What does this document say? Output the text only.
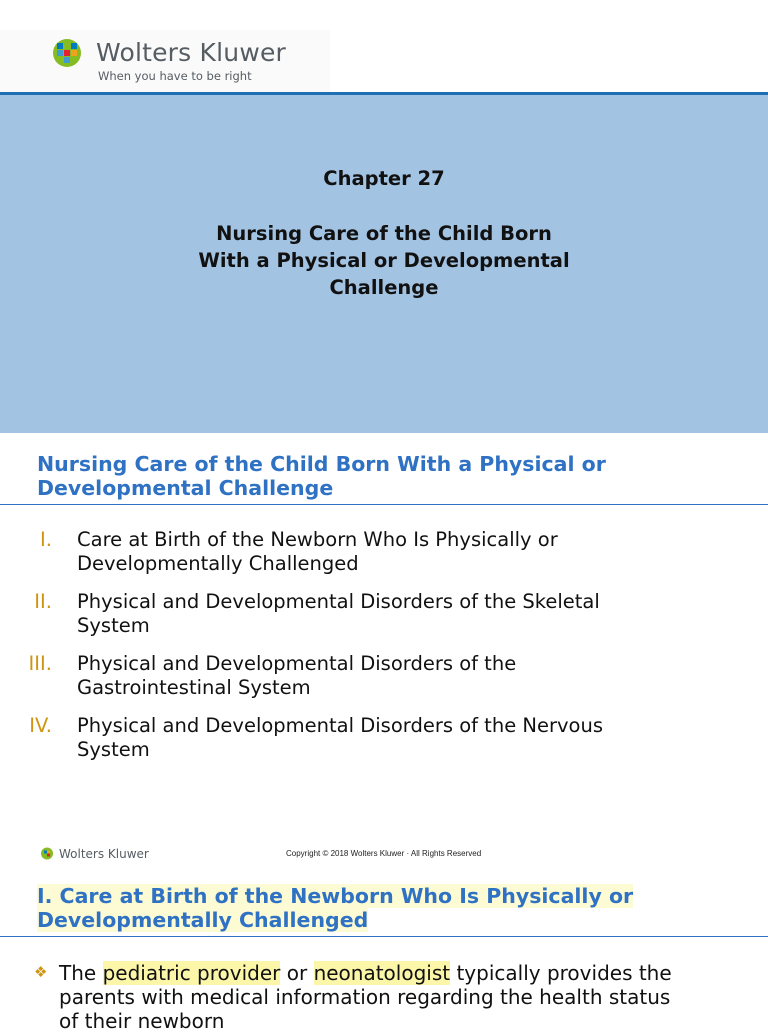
Wolters Kluwer
When you have to be right
Chapter 27
Nursing Care of the Child Born
With a Physical or Developmental
Challenge
Nursing Care of the Child Born With a Physical or
Developmental Challenge
I. Care at Birth of the Newborn Who Is Physically or
Developmentally Challenged
II. Physical and Developmental Disorders of the Skeletal
System
III. Physical and Developmental Disorders of the
Gastrointestinal System
IV. Physical and Developmental Disorders of the Nervous
System
Wolters Kluwer	Copyright © 2018 Wolters Kluwer · All Rights Reserved
I. Care at Birth of the Newborn Who Is Physically or
Developmentally Challenged
❖ The pediatric provider or neonatologist typically provides the
parents with medical information regarding the health status
of their newborn
